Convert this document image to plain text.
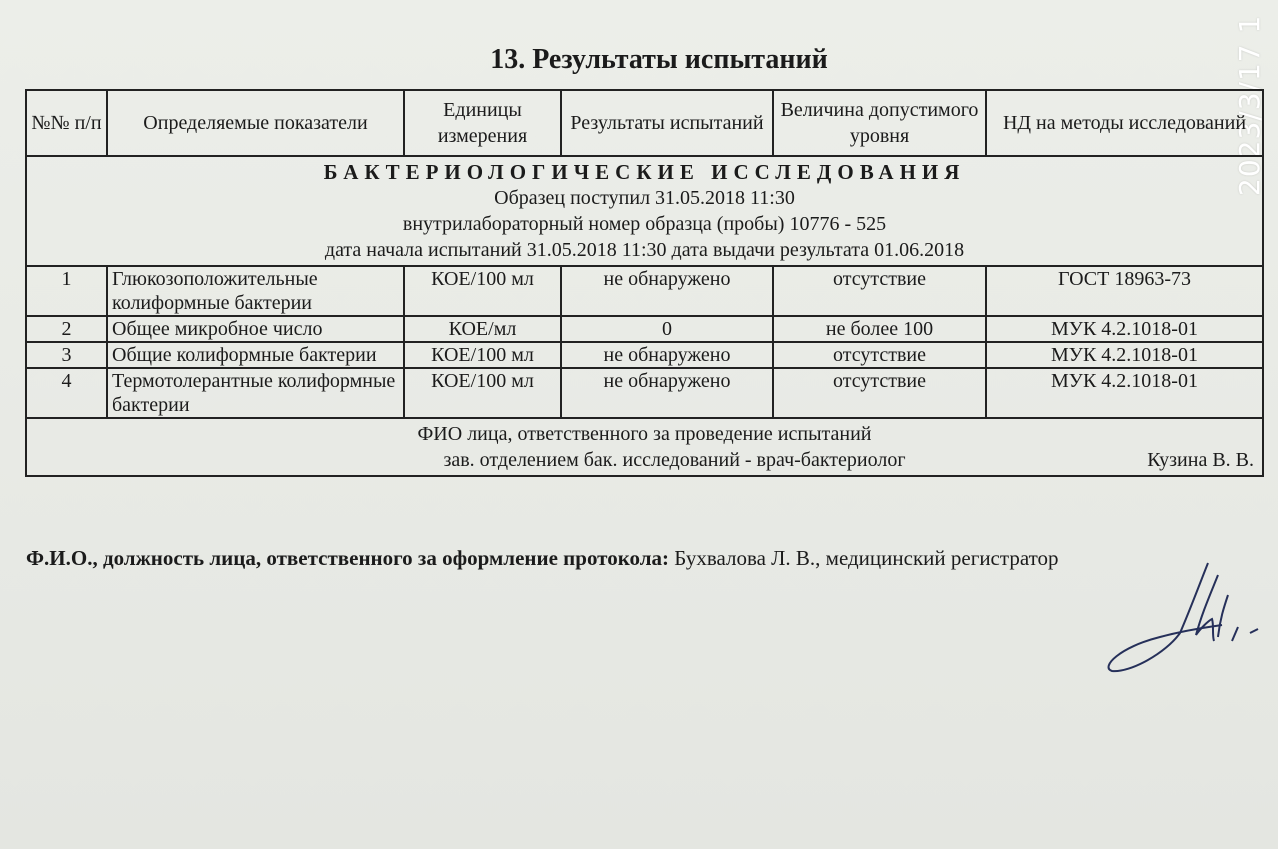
13. Результаты испытаний	2023/3/17 1
№№ п/п	Определяемые показатели	Единицы измерения	Результаты испытаний	Величина допустимого уровня	НД на методы исследований

БАКТЕРИОЛОГИЧЕСКИЕ ИССЛЕДОВАНИЯ
Образец поступил 31.05.2018 11:30
внутрилабораторный номер образца (пробы) 10776 - 525
дата начала испытаний 31.05.2018 11:30 дата выдачи результата 01.06.2018					

1	Глюкозоположительные колиформные бактерии	КОЕ/100 мл	не обнаружено	отсутствие	ГОСТ 18963-73
2	Общее микробное число	КОЕ/мл	0	не более 100	МУК 4.2.1018-01
3	Общие колиформные бактерии	КОЕ/100 мл	не обнаружено	отсутствие	МУК 4.2.1018-01
4	Термотолерантные колиформные бактерии	КОЕ/100 мл	не обнаружено	отсутствие	МУК 4.2.1018-01

ФИО лица, ответственного за проведение испытаний
зав. отделением бак. исследований - врач-бактериолог Кузина В. В.					
Ф.И.О., должность лица, ответственного за оформление протокола: Бухвалова Л. В., медицинский регистратор
